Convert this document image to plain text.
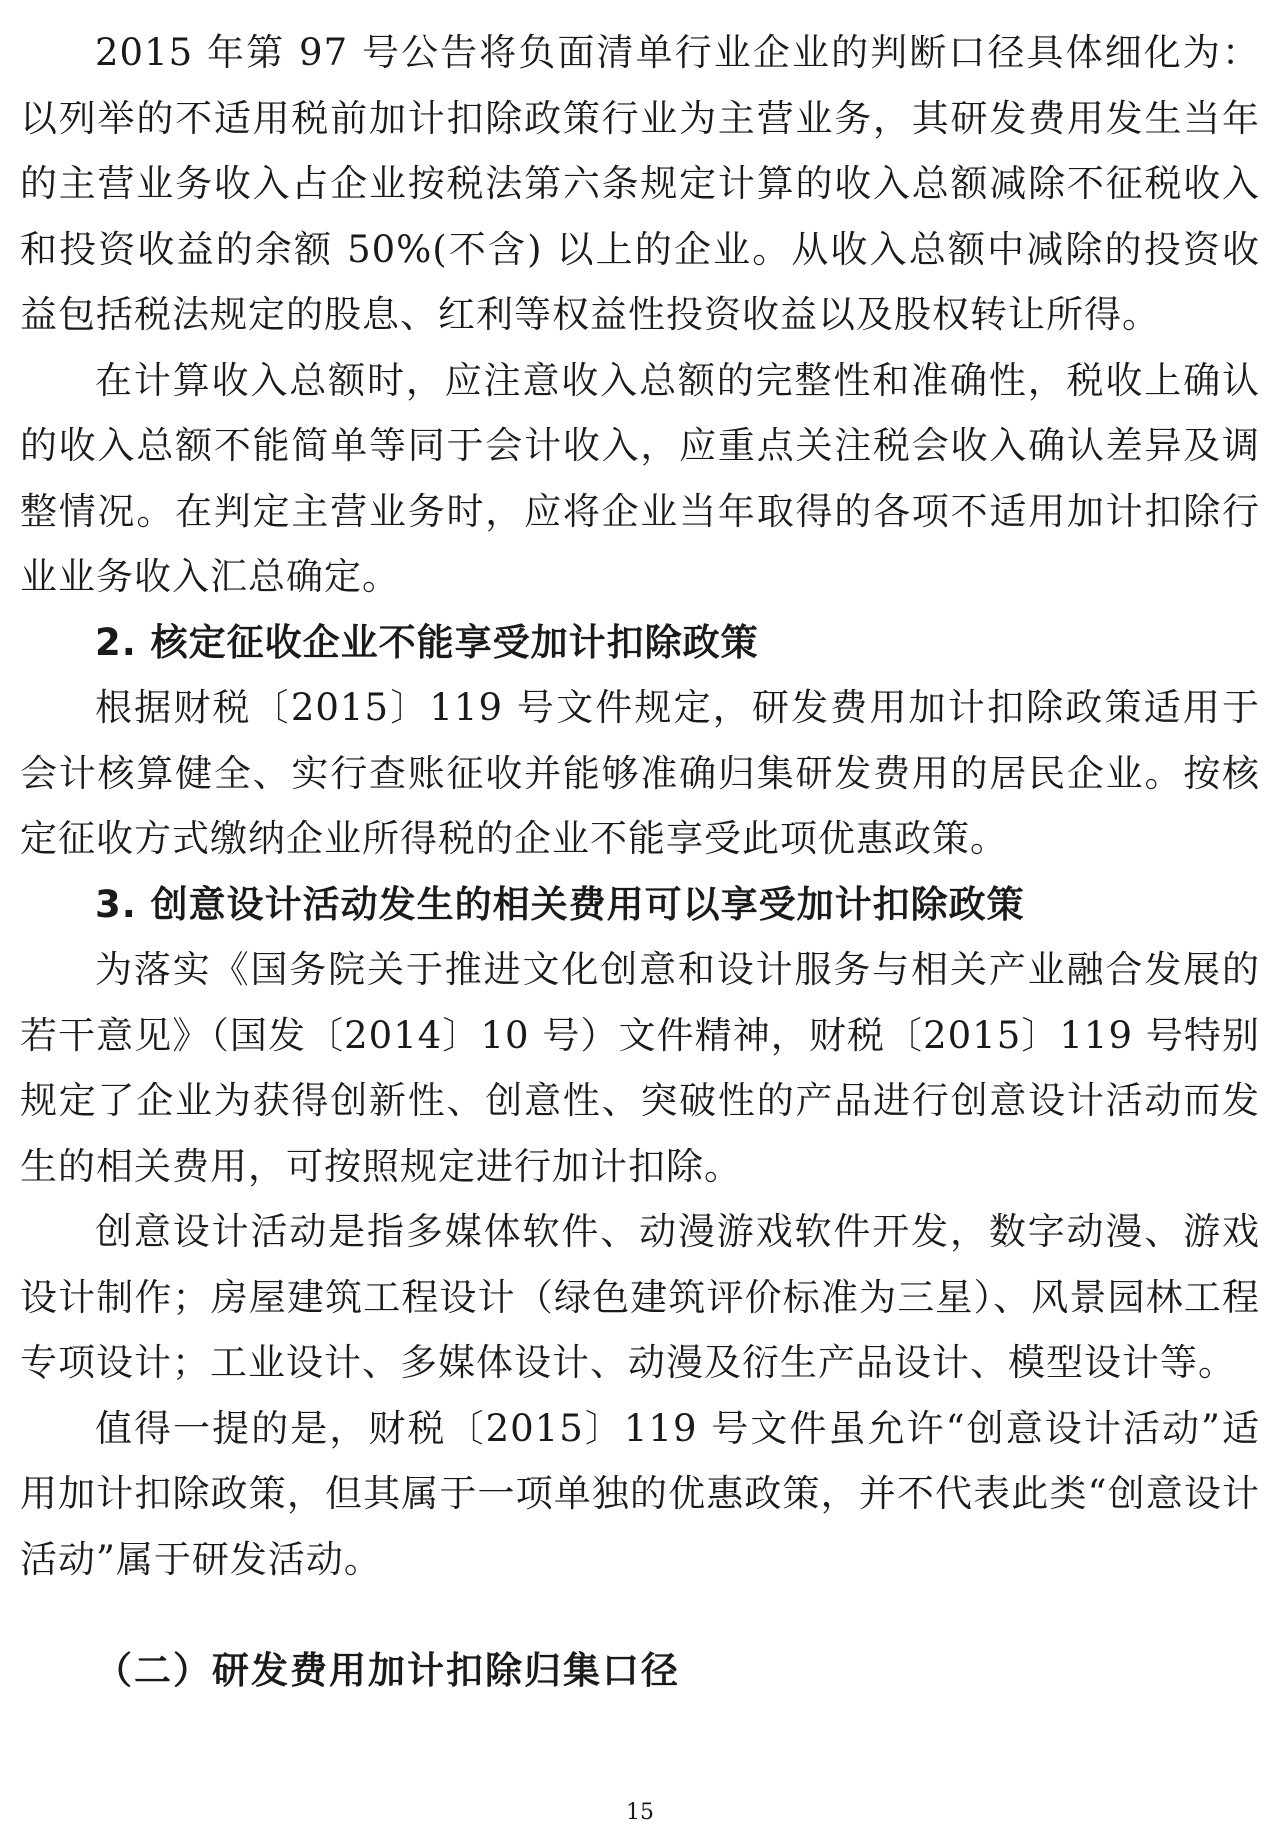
2015 年第 97 号公告将负面清单行业企业的判断口径具体细化为：以列举的不适用税前加计扣除政策行业为主营业务，其研发费用发生当年的主营业务收入占企业按税法第六条规定计算的收入总额减除不征税收入和投资收益的余额 50%(不含) 以上的企业。从收入总额中减除的投资收益包括税法规定的股息、红利等权益性投资收益以及股权转让所得。

在计算收入总额时，应注意收入总额的完整性和准确性，税收上确认的收入总额不能简单等同于会计收入，应重点关注税会收入确认差异及调整情况。在判定主营业务时，应将企业当年取得的各项不适用加计扣除行业业务收入汇总确定。

2. 核定征收企业不能享受加计扣除政策

根据财税〔2015〕119 号文件规定，研发费用加计扣除政策适用于会计核算健全、实行查账征收并能够准确归集研发费用的居民企业。按核定征收方式缴纳企业所得税的企业不能享受此项优惠政策。

3. 创意设计活动发生的相关费用可以享受加计扣除政策

为落实《国务院关于推进文化创意和设计服务与相关产业融合发展的若干意见》（国发〔2014〕10 号）文件精神，财税〔2015〕119 号特别规定了企业为获得创新性、创意性、突破性的产品进行创意设计活动而发生的相关费用，可按照规定进行加计扣除。

创意设计活动是指多媒体软件、动漫游戏软件开发，数字动漫、游戏设计制作；房屋建筑工程设计（绿色建筑评价标准为三星）、风景园林工程专项设计；工业设计、多媒体设计、动漫及衍生产品设计、模型设计等。

值得一提的是，财税〔2015〕119 号文件虽允许“创意设计活动”适用加计扣除政策，但其属于一项单独的优惠政策，并不代表此类“创意设计活动”属于研发活动。

（二）研发费用加计扣除归集口径
15
